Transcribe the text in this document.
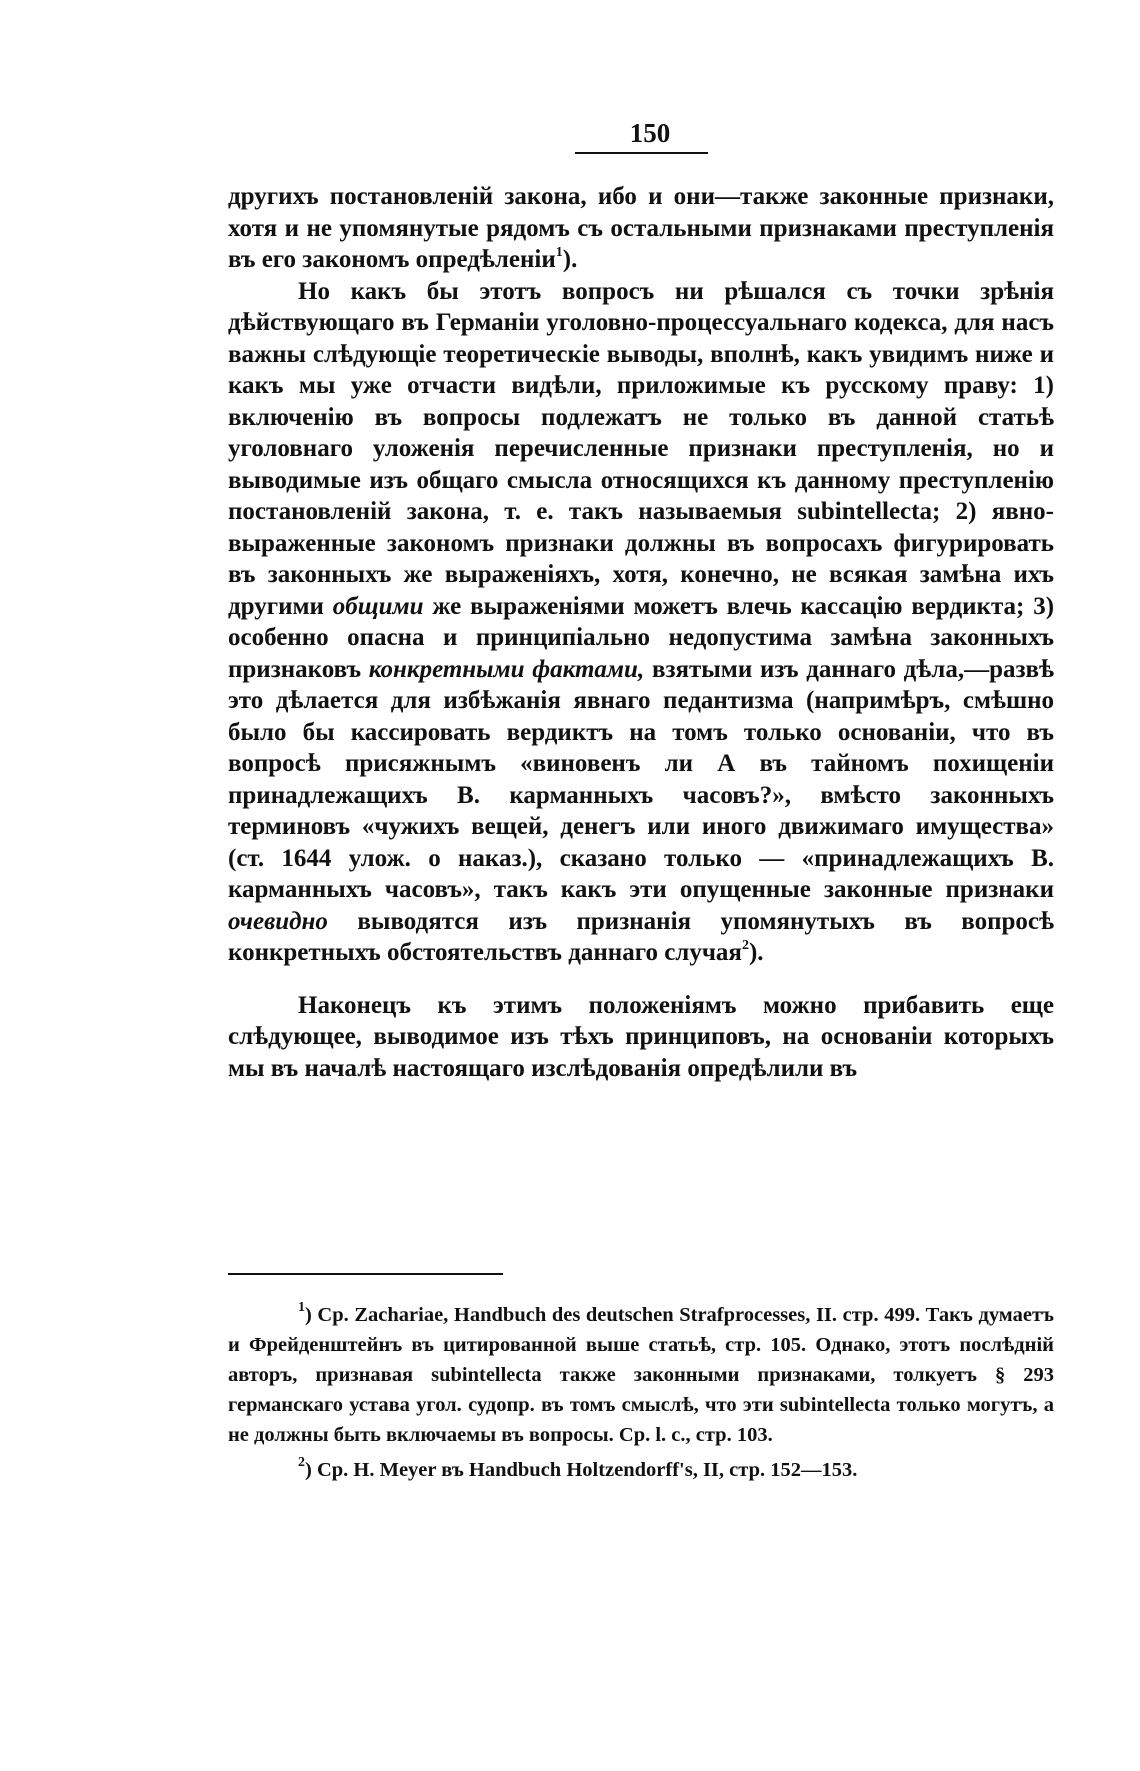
150

другихъ постановленій закона, ибо и они—также законные признаки, хотя и не упомянутые рядомъ съ остальными признаками преступленія въ его закономъ опредѣленіи$^1$).

Но какъ бы этотъ вопросъ ни рѣшался съ точки зрѣнія дѣйствующаго въ Германіи уголовно-процессуальнаго кодекса, для насъ важны слѣдующіе теоретическіе выводы, вполнѣ, какъ увидимъ ниже и какъ мы уже отчасти видѣли, приложимые къ русскому праву: 1) включенію въ вопросы подлежатъ не только въ данной статьѣ уголовнаго уложенія перечисленные признаки преступленія, но и выводимые изъ общаго смысла относящихся къ данному преступленію постановленій закона, т. е. такъ называемыя subintellecta; 2) явно-выраженные закономъ признаки должны въ вопросахъ фигурировать въ законныхъ же выраженіяхъ, хотя, конечно, не всякая замѣна ихъ другими общими же выраженіями можетъ влечь кассацію вердикта; 3) особенно опасна и принципіально недопустима замѣна законныхъ признаковъ конкретными фактами, взятыми изъ даннаго дѣла,—развѣ это дѣлается для избѣжанія явнаго педантизма (напримѣръ, смѣшно было бы кассировать вердиктъ на томъ только основаніи, что въ вопросѣ присяжнымъ «виновенъ ли А въ тайномъ похищеніи принадлежащихъ В. карманныхъ часовъ?», вмѣсто законныхъ терминовъ «чужихъ вещей, денегъ или иного движимаго имущества» (ст. 1644 улож. о наказ.), сказано только — «принадлежащихъ В. карманныхъ часовъ», такъ какъ эти опущенные законные признаки очевидно выводятся изъ признанія упомянутыхъ въ вопросѣ конкретныхъ обстоятельствъ даннаго случая$^2$).

Наконецъ къ этимъ положеніямъ можно прибавить еще слѣдующее, выводимое изъ тѣхъ принциповъ, на основаніи которыхъ мы въ началѣ настоящаго изслѣдованія опредѣлили въ

$^1$) Cp. Zachariae, Handbuch des deutschen Strafprocesses, II. стр. 499. Такъ думаетъ и Фрейденштейнъ въ цитированной выше статьѣ, стр. 105. Однако, этотъ послѣдній авторъ, признавая subintellecta также законными признаками, толкуетъ § 293 германскаго устава угол. судопр. въ томъ смыслѣ, что эти subintellecta только могутъ, а не должны быть включаемы въ вопросы. Ср. l. c., стр. 103.

$^2$) Ср. H. Meyer въ Handbuch Holtzendorff's, II, стр. 152—153.
